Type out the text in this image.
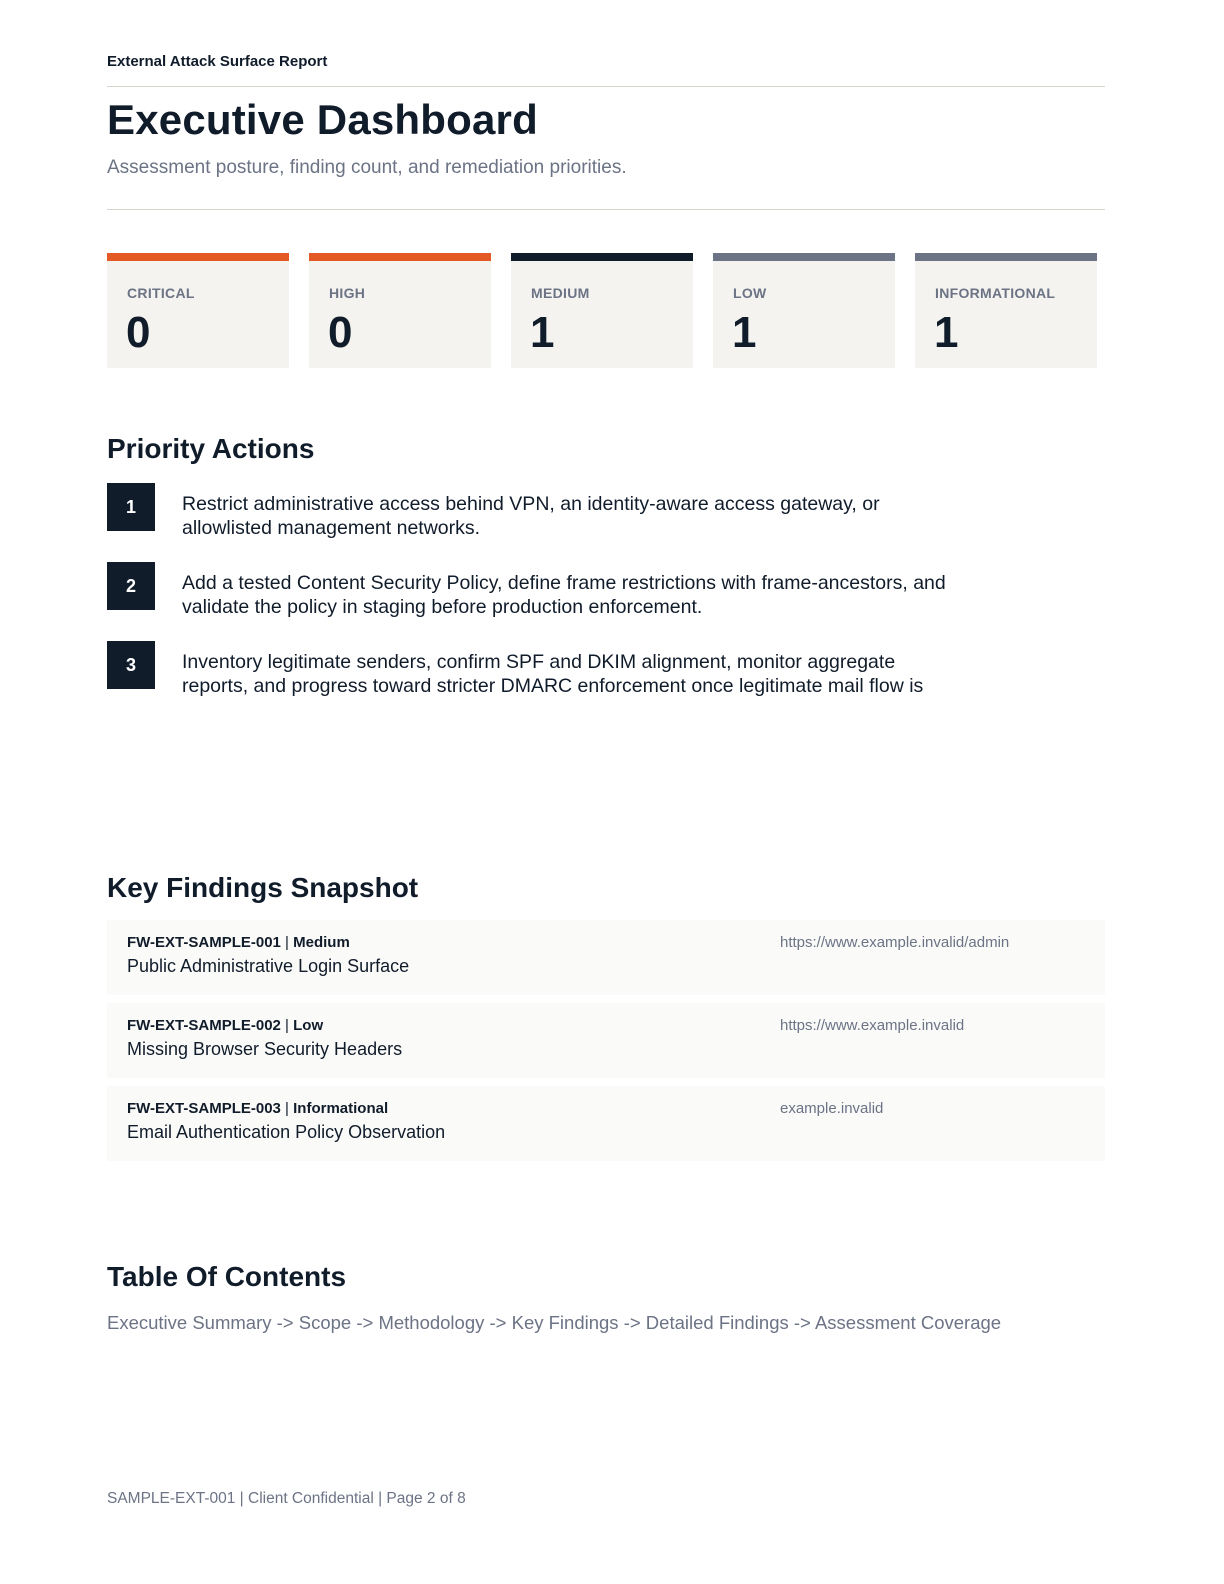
External Attack Surface Report
Executive Dashboard
Assessment posture, finding count, and remediation priorities.
CRITICAL
0
HIGH
0
MEDIUM
1
LOW
1
INFORMATIONAL
1
Priority Actions
1	Restrict administrative access behind VPN, an identity-aware access gateway, or allowlisted management networks.
2	Add a tested Content Security Policy, define frame restrictions with frame-ancestors, and validate the policy in staging before production enforcement.
3	Inventory legitimate senders, confirm SPF and DKIM alignment, monitor aggregate reports, and progress toward stricter DMARC enforcement once legitimate mail flow is
Key Findings Snapshot
FW-EXT-SAMPLE-001 | Medium
Public Administrative Login Surface
https://www.example.invalid/admin
FW-EXT-SAMPLE-002 | Low
Missing Browser Security Headers
https://www.example.invalid
FW-EXT-SAMPLE-003 | Informational
Email Authentication Policy Observation
example.invalid
Table Of Contents
Executive Summary -> Scope -> Methodology -> Key Findings -> Detailed Findings -> Assessment Coverage
SAMPLE-EXT-001 | Client Confidential | Page 2 of 8
